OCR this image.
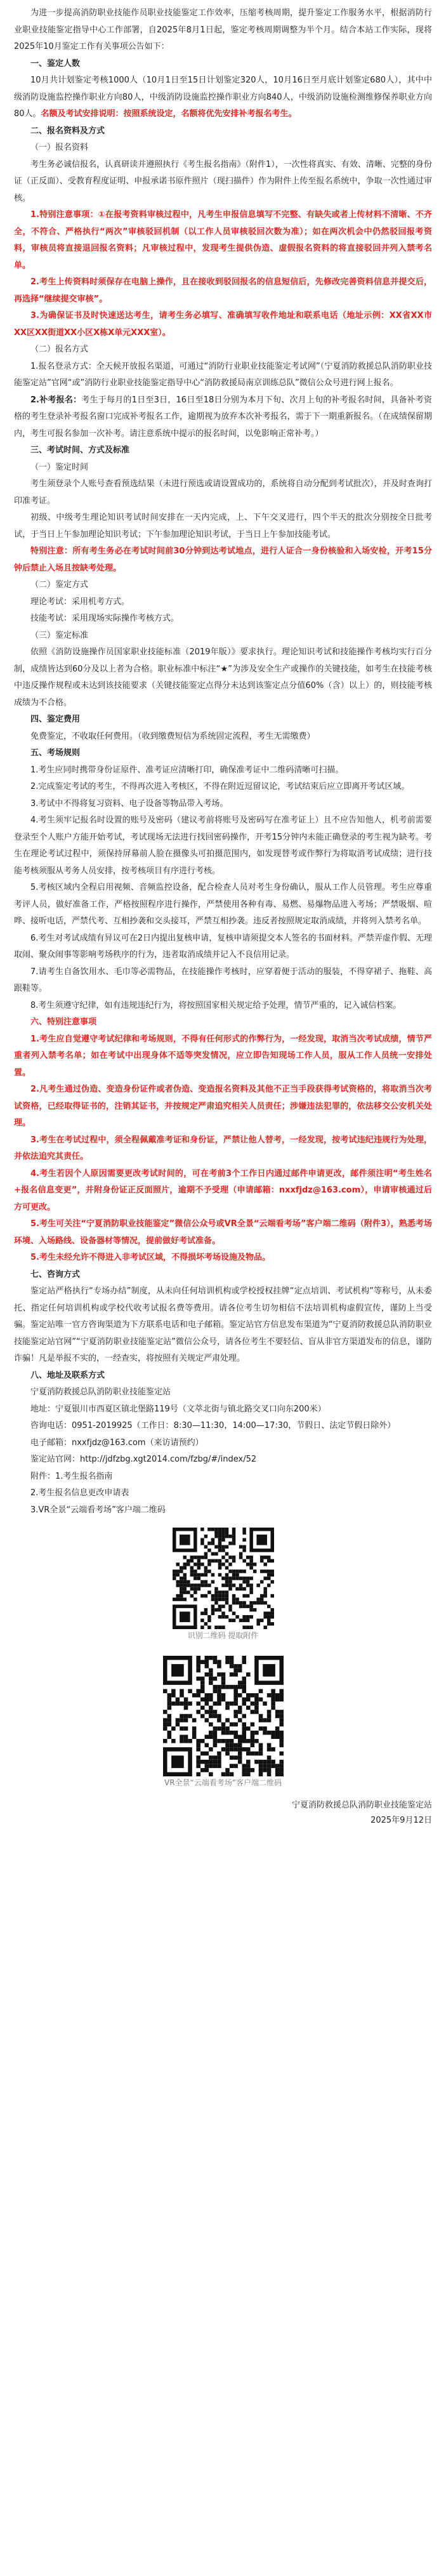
为进一步提高消防职业技能作员职业技能鉴定工作效率，压缩考核周期，提升鉴定工作服务水平，根据消防行业职业技能鉴定指导中心工作部署，自2025年8月1日起，鉴定考核周期调整为半个月。结合本站工作实际，现将2025年10月鉴定工作有关事项公告如下：

一、鉴定人数

10月共计划鉴定考核1000人（10月1日至15日计划鉴定320人，10月16日至月底计划鉴定680人），其中中级消防设施监控操作职业方向80人，中级消防设施监控操作职业方向840人，中级消防设施检测维修保养职业方向80人。名额及考试安排说明：按照系统设定，名额将优先安排补考报名考生。

二、报名资料及方式

（一）报名资料

考生务必诚信报名，认真研读并遵照执行《考生报名指南》（附件1），一次性将真实、有效、清晰、完整的身份证（正反面）、受教育程度证明、申报承诺书原件照片（现扫描件）作为附件上传至报名系统中，争取一次性通过审核。

1.特别注意事项：①在报考资料审核过程中，凡考生申报信息填写不完整、有缺失或者上传材料不清晰、不齐全，不符合、严格执行“两次”审核驳回机制（以工作人员审核驳回次数为准）；如在两次机会中仍然驳回报考资料，审核员将直接退回报名资料；凡审核过程中，发现考生提供伪造、虚假报名资料的将直接驳回并列入禁考名单。

2.考生上传资料时须保存在电脑上操作，且在接收到驳回报名的信息短信后，先修改完善资料信息并提交后，再选择“继续提交审核”。

3.为确保证书及时快速送达考生，请考生务必填写、准确填写收件地址和联系电话（地址示例：XX省XX市XX区XX街道XX小区X栋X单元XXX室）。

（二）报名方式

1.报名登录方式：全天候开放报名渠道，可通过“消防行业职业技能鉴定考试网”（宁夏消防救援总队消防职业技能鉴定站”官网“或”消防行业职业技能鉴定指导中心“消防救援局南京训练总队”微信公众号进行网上报名。

2.补考报名：考生于每月的1日至3日，16日至18日分别为本月下旬、次月上旬的补考报名时间，具备补考资格的考生登录补考报名窗口完成补考报名工作，逾期视为放弃本次补考报名，需于下一期重新报名。（在成绩保留期内，考生可报名参加一次补考。请注意系统中提示的报名时间，以免影响正常补考。）

三、考试时间、方式及标准

（一）鉴定时间

考生须登录个人账号查看预选结果（未进行预选或请设置成功的，系统将自动分配到考试批次），并及时查询打印准考证。

初级、中级考生理论知识考试时间安排在一天内完成，上、下午交叉进行，四个半天的批次分别按全日批考试，于当日上午参加理论知识考试；下午参加理论知识考试，于当日上午参加技能考试。

特别注意：所有考生务必在考试时间前30分钟到达考试地点，进行人证合一身份核验和入场安检，开考15分钟后禁止入场且按缺考处理。

（二）鉴定方式

理论考试：采用机考方式。

技能考试：采用现场实际操作考核方式。

（三）鉴定标准

依照《消防设施操作员国家职业技能标准（2019年版）》要求执行。理论知识考试和技能操作考核均实行百分制，成绩皆达到60分及以上者为合格。职业标准中标注“★”为涉及安全生产或操作的关键技能，如考生在技能考核中违反操作规程或未达到该技能要求（关键技能鉴定点得分未达到该鉴定点分值60%（含）以上）的，则技能考核成绩为不合格。

四、鉴定费用

免费鉴定，不收取任何费用。（收到缴费短信为系统固定流程，考生无需缴费）

五、考场规则

1.考生应同时携带身份证原件、准考证应清晰打印，确保准考证中二维码清晰可扫描。

2.完成鉴定考试的考生，不得再次进入考核区，不得在附近逗留议论，考试结束后应立即离开考试区域。

3.考试中不得将复习资料、电子设备等物品带入考场。

4.考生须牢记报名时设置的账号及密码（建议考前将账号及密码写在准考证上）且不应告知他人，机考前需要登录至个人账户方能开始考试，考试现场无法进行找回密码操作，开考15分钟内未能正确登录的考生视为缺考。考生在理论考试过程中，须保持屏幕前人脸在摄像头可拍摄范围内，如发现替考或作弊行为将取消考试成绩；进行技能考核须服从考务人员安排，按考核项目有序进行考核。

5.考核区域内全程启用视频、音频监控设备，配合检查人员对考生身份确认，服从工作人员管理。考生应尊重考评人员，做好准备工作，严格按照程序进行操作，严禁使用各种有毒、易燃、易爆物品进入考场；严禁吸烟、喧哗、接听电话，严禁代考、互相抄袭和交头接耳，严禁互相抄袭。违反者按照规定取消成绩，并将列入禁考名单。

6.考生对考试成绩有异议可在2日内提出复核申请，复核申请须提交本人签名的书面材料。严禁弄虚作假、无理取闹、聚众闹事等影响考场秩序的行为，违者取消成绩并记入不良信用记录。

7.请考生自备饮用水、毛巾等必需物品，在技能操作考核时，应穿着便于活动的服装，不得穿裙子、拖鞋、高跟鞋等。

8.考生须遵守纪律，如有违规违纪行为，将按照国家相关规定给予处理，情节严重的，记入诚信档案。

六、特别注意事项

1.考生应自觉遵守考试纪律和考场规则，不得有任何形式的作弊行为，一经发现，取消当次考试成绩，情节严重者列入禁考名单；如在考试中出现身体不适等突发情况，应立即告知现场工作人员，服从工作人员统一安排处置。

2.凡考生通过伪造、变造身份证件或者伪造、变造报名资料及其他不正当手段获得考试资格的，将取消当次考试资格，已经取得证书的，注销其证书，并按规定严肃追究相关人员责任；涉嫌违法犯罪的，依法移交公安机关处理。

3.考生在考试过程中，须全程佩戴准考证和身份证，严禁让他人替考，一经发现，按考试违纪违规行为处理，并依法追究其责任。

4.考生若因个人原因需要更改考试时间的，可在考前3个工作日内通过邮件申请更改，邮件须注明“考生姓名+报名信息变更”，并附身份证正反面照片，逾期不予受理（申请邮箱：nxxfjdz@163.com），申请审核通过后方可更改。

5.考生可关注“宁夏消防职业技能鉴定”微信公众号或VR全景“云端看考场”客户端二维码（附件3），熟悉考场环境、入场路线、设备器材等情况，提前做好考试准备。

5.考生未经允许不得进入非考试区域，不得损坏考场设施及物品。

七、咨询方式

鉴定站严格执行“专场办结”制度，从未向任何培训机构或学校授权挂牌“定点培训、考试机构”等称号，从未委托、指定任何培训机构或学校代收考试报名费等费用。请各位考生切勿相信不法培训机构虚假宣传，谨防上当受骗。鉴定站唯一官方咨询渠道为下方联系电话和电子邮箱。鉴定站官方信息发布渠道为“宁夏消防救援总队消防职业技能鉴定站官网”“宁夏消防职业技能鉴定站”微信公众号，请各位考生不要轻信、盲从非官方渠道发布的信息，谨防诈骗！凡是举报不实的，一经查实，将按照有关规定严肃处理。

八、地址及联系方式

宁夏消防救援总队消防职业技能鉴定站

地址：宁夏银川市西夏区镇北堡路119号（文萃北街与镇北路交叉口向东200米）

咨询电话：0951-2019925（工作日：8:30—11:30，14:00—17:30，节假日、法定节假日除外）

电子邮箱：nxxfjdz@163.com（来访请预约）

鉴定站官网：http://jdfzbg.xgt2014.com/fzbg/#/index/52

附件：1.考生报名指南

2.考生报名信息更改申请表

3.VR全景“云端看考场”客户端二维码

识别二维码 提取附件
VR全景“云端看考场”客户端二维码

宁夏消防救援总队消防职业技能鉴定站

2025年9月12日
